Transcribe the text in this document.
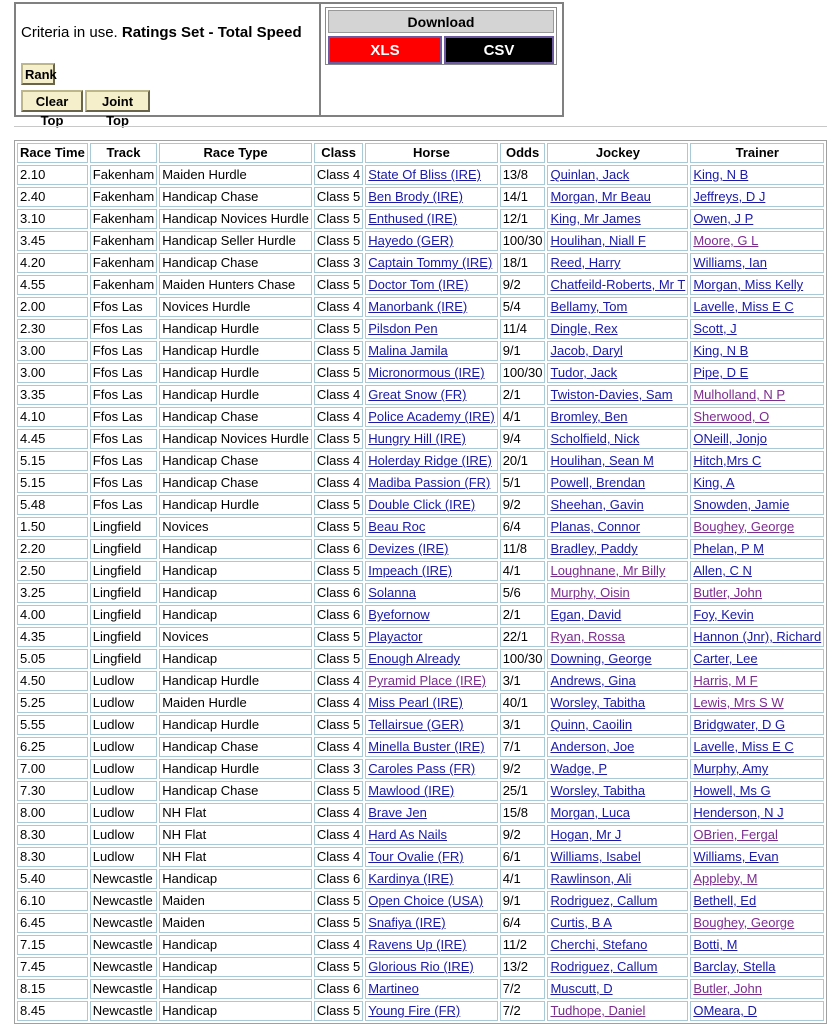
Criteria in use. Ratings Set - Total Speed
Rank
Clear Top
Joint Top
Download
XLS	CSV
Race Time	Track	Race Type	Class	Horse	Odds	Jockey	Trainer
2.10	Fakenham	Maiden Hurdle	Class 4	State Of Bliss (IRE)	13/8	Quinlan, Jack	King, N B
2.40	Fakenham	Handicap Chase	Class 5	Ben Brody (IRE)	14/1	Morgan, Mr Beau	Jeffreys, D J
3.10	Fakenham	Handicap Novices Hurdle	Class 5	Enthused (IRE)	12/1	King, Mr James	Owen, J P
3.45	Fakenham	Handicap Seller Hurdle	Class 5	Hayedo (GER)	100/30	Houlihan, Niall F	Moore, G L
4.20	Fakenham	Handicap Chase	Class 3	Captain Tommy (IRE)	18/1	Reed, Harry	Williams, Ian
4.55	Fakenham	Maiden Hunters Chase	Class 5	Doctor Tom (IRE)	9/2	Chatfeild-Roberts, Mr T	Morgan, Miss Kelly
2.00	Ffos Las	Novices Hurdle	Class 4	Manorbank (IRE)	5/4	Bellamy, Tom	Lavelle, Miss E C
2.30	Ffos Las	Handicap Hurdle	Class 5	Pilsdon Pen	11/4	Dingle, Rex	Scott, J
3.00	Ffos Las	Handicap Hurdle	Class 5	Malina Jamila	9/1	Jacob, Daryl	King, N B
3.00	Ffos Las	Handicap Hurdle	Class 5	Micronormous (IRE)	100/30	Tudor, Jack	Pipe, D E
3.35	Ffos Las	Handicap Hurdle	Class 4	Great Snow (FR)	2/1	Twiston-Davies, Sam	Mulholland, N P
4.10	Ffos Las	Handicap Chase	Class 4	Police Academy (IRE)	4/1	Bromley, Ben	Sherwood, O
4.45	Ffos Las	Handicap Novices Hurdle	Class 5	Hungry Hill (IRE)	9/4	Scholfield, Nick	ONeill, Jonjo
5.15	Ffos Las	Handicap Chase	Class 4	Holerday Ridge (IRE)	20/1	Houlihan, Sean M	Hitch,Mrs C
5.15	Ffos Las	Handicap Chase	Class 4	Madiba Passion (FR)	5/1	Powell, Brendan	King, A
5.48	Ffos Las	Handicap Hurdle	Class 5	Double Click (IRE)	9/2	Sheehan, Gavin	Snowden, Jamie
1.50	Lingfield	Novices	Class 5	Beau Roc	6/4	Planas, Connor	Boughey, George
2.20	Lingfield	Handicap	Class 6	Devizes (IRE)	11/8	Bradley, Paddy	Phelan, P M
2.50	Lingfield	Handicap	Class 5	Impeach (IRE)	4/1	Loughnane, Mr Billy	Allen, C N
3.25	Lingfield	Handicap	Class 6	Solanna	5/6	Murphy, Oisin	Butler, John
4.00	Lingfield	Handicap	Class 6	Byefornow	2/1	Egan, David	Foy, Kevin
4.35	Lingfield	Novices	Class 5	Playactor	22/1	Ryan, Rossa	Hannon (Jnr), Richard
5.05	Lingfield	Handicap	Class 5	Enough Already	100/30	Downing, George	Carter, Lee
4.50	Ludlow	Handicap Hurdle	Class 4	Pyramid Place (IRE)	3/1	Andrews, Gina	Harris, M F
5.25	Ludlow	Maiden Hurdle	Class 4	Miss Pearl (IRE)	40/1	Worsley, Tabitha	Lewis, Mrs S W
5.55	Ludlow	Handicap Hurdle	Class 5	Tellairsue (GER)	3/1	Quinn, Caoilin	Bridgwater, D G
6.25	Ludlow	Handicap Chase	Class 4	Minella Buster (IRE)	7/1	Anderson, Joe	Lavelle, Miss E C
7.00	Ludlow	Handicap Hurdle	Class 3	Caroles Pass (FR)	9/2	Wadge, P	Murphy, Amy
7.30	Ludlow	Handicap Chase	Class 5	Mawlood (IRE)	25/1	Worsley, Tabitha	Howell, Ms G
8.00	Ludlow	NH Flat	Class 4	Brave Jen	15/8	Morgan, Luca	Henderson, N J
8.30	Ludlow	NH Flat	Class 4	Hard As Nails	9/2	Hogan, Mr J	OBrien, Fergal
8.30	Ludlow	NH Flat	Class 4	Tour Ovalie (FR)	6/1	Williams, Isabel	Williams, Evan
5.40	Newcastle	Handicap	Class 6	Kardinya (IRE)	4/1	Rawlinson, Ali	Appleby, M
6.10	Newcastle	Maiden	Class 5	Open Choice (USA)	9/1	Rodriguez, Callum	Bethell, Ed
6.45	Newcastle	Maiden	Class 5	Snafiya (IRE)	6/4	Curtis, B A	Boughey, George
7.15	Newcastle	Handicap	Class 4	Ravens Up (IRE)	11/2	Cherchi, Stefano	Botti, M
7.45	Newcastle	Handicap	Class 5	Glorious Rio (IRE)	13/2	Rodriguez, Callum	Barclay, Stella
8.15	Newcastle	Handicap	Class 6	Martineo	7/2	Muscutt, D	Butler, John
8.45	Newcastle	Handicap	Class 5	Young Fire (FR)	7/2	Tudhope, Daniel	OMeara, D
